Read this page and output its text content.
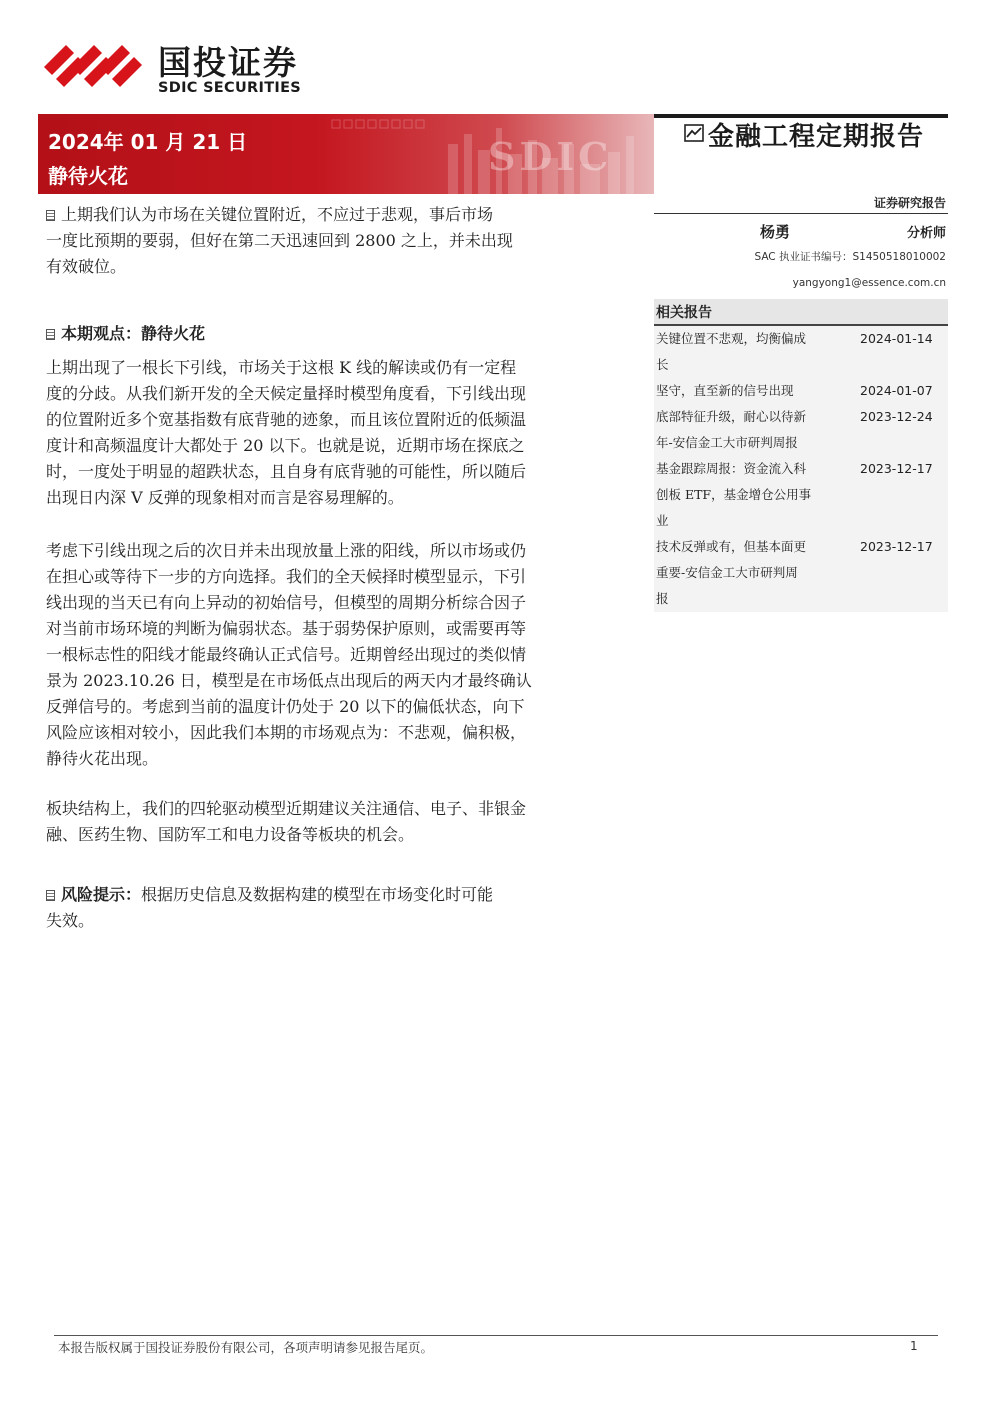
国投证券
SDIC SECURITIES
SDIC
2024年 01 月 21 日
静待火花
金融工程定期报告
证券研究报告
杨勇	分析师
SAC 执业证书编号：S1450518010002
yangyong1@essence.com.cn
相关报告
关键位置不悲观，均衡偏成
长
2024-01-14
坚守，直至新的信号出现	2024-01-07
底部特征升级，耐心以待新
年-安信金工大市研判周报
2023-12-24
基金跟踪周报：资金流入科
创板 ETF，基金增仓公用事
业
2023-12-17
技术反弹或有，但基本面更
重要-安信金工大市研判周
报
2023-12-17
上期我们认为市场在关键位置附近，不应过于悲观，事后市场
一度比预期的要弱，但好在第二天迅速回到 2800 之上，并未出现
有效破位。
本期观点：静待火花
上期出现了一根长下引线，市场关于这根 K 线的解读或仍有一定程
度的分歧。从我们新开发的全天候定量择时模型角度看，下引线出现
的位置附近多个宽基指数有底背驰的迹象，而且该位置附近的低频温
度计和高频温度计大都处于 20 以下。也就是说，近期市场在探底之
时，一度处于明显的超跌状态，且自身有底背驰的可能性，所以随后
出现日内深 V 反弹的现象相对而言是容易理解的。
考虑下引线出现之后的次日并未出现放量上涨的阳线，所以市场或仍
在担心或等待下一步的方向选择。我们的全天候择时模型显示，下引
线出现的当天已有向上异动的初始信号，但模型的周期分析综合因子
对当前市场环境的判断为偏弱状态。基于弱势保护原则，或需要再等
一根标志性的阳线才能最终确认正式信号。近期曾经出现过的类似情
景为 2023.10.26 日，模型是在市场低点出现后的两天内才最终确认
反弹信号的。考虑到当前的温度计仍处于 20 以下的偏低状态，向下
风险应该相对较小，因此我们本期的市场观点为：不悲观，偏积极，
静待火花出现。
板块结构上，我们的四轮驱动模型近期建议关注通信、电子、非银金
融、医药生物、国防军工和电力设备等板块的机会。
风险提示：根据历史信息及数据构建的模型在市场变化时可能
失效。
本报告版权属于国投证券股份有限公司，各项声明请参见报告尾页。	1
